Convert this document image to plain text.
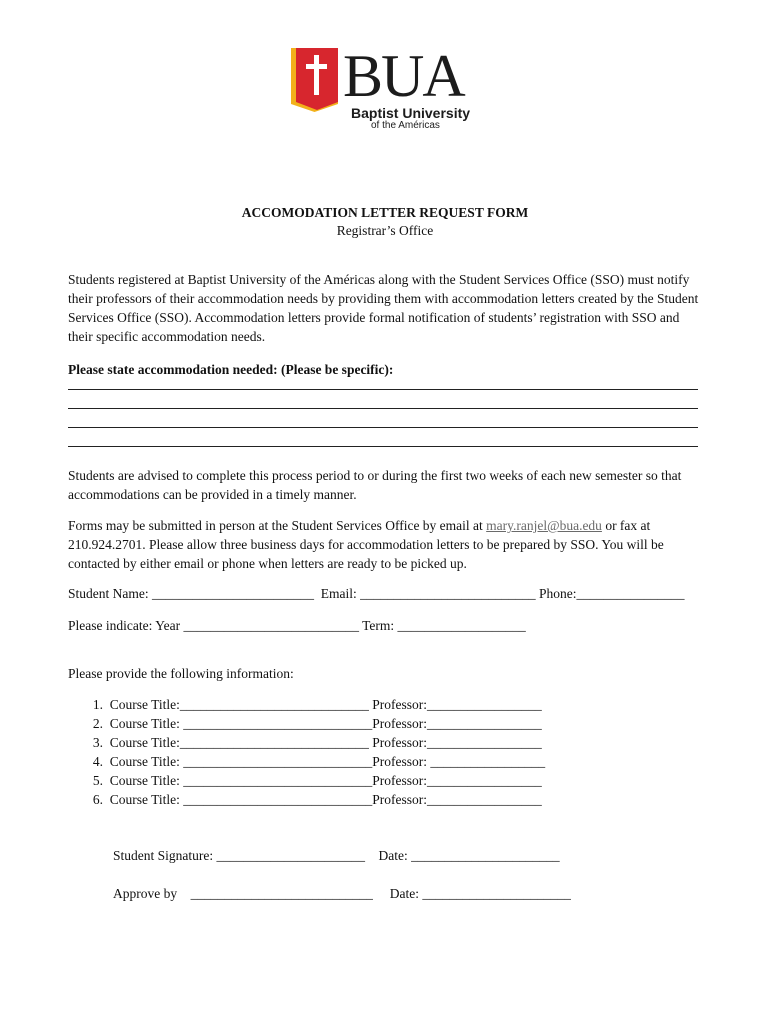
BUA
Baptist University
of the Américas
ACCOMODATION LETTER REQUEST FORM
Registrar’s Office
Students registered at Baptist University of the Américas along with the Student Services Office (SSO) must notify their professors of their accommodation needs by providing them with accommodation letters created by the Student Services Office (SSO). Accommodation letters provide formal notification of students’ registration with SSO and their specific accommodation needs.
Please state accommodation needed: (Please be specific):
Students are advised to complete this process period to or during the first two weeks of each new semester so that accommodations can be provided in a timely manner.
Forms may be submitted in person at the Student Services Office by email at mary.ranjel@bua.edu or fax at 210.924.2701. Please allow three business days for accommodation letters to be prepared by SSO. You will be contacted by either email or phone when letters are ready to be picked up.
Student Name: ________________________  Email: __________________________ Phone:________________
Please indicate: Year __________________________ Term: ___________________
Please provide the following information:
1. Course Title:____________________________ Professor:_________________
2. Course Title: ____________________________Professor:_________________
3. Course Title:____________________________ Professor:_________________
4. Course Title: ____________________________Professor: _________________
5. Course Title: ____________________________Professor:_________________
6. Course Title: ____________________________Professor:_________________
Student Signature: ______________________    Date: ______________________
Approve by    ___________________________     Date: ______________________
